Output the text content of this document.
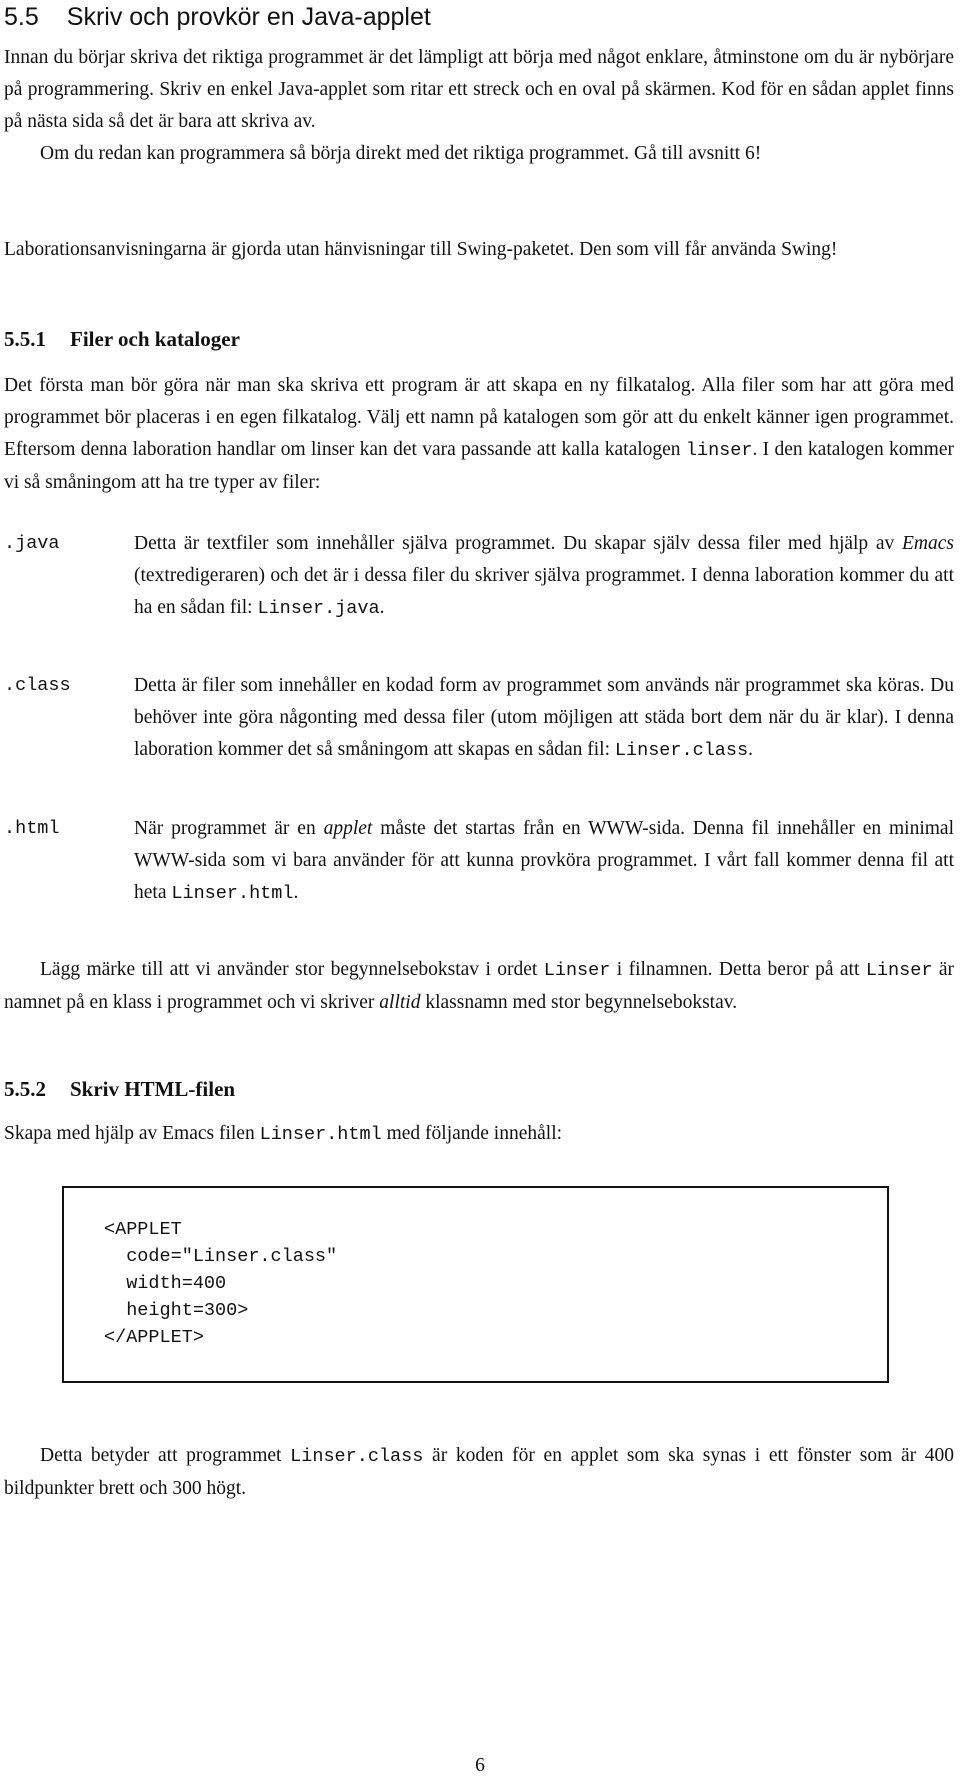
5.5 Skriv och provkör en Java-applet

Innan du börjar skriva det riktiga programmet är det lämpligt att börja med något enklare, åtminstone om du är nybörjare på programmering. Skriv en enkel Java-applet som ritar ett streck och en oval på skärmen. Kod för en sådan applet finns på nästa sida så det är bara att skriva av.

Om du redan kan programmera så börja direkt med det riktiga programmet. Gå till avsnitt 6!

Laborationsanvisningarna är gjorda utan hänvisningar till Swing-paketet. Den som vill får använda Swing!

5.5.1 Filer och kataloger

Det första man bör göra när man ska skriva ett program är att skapa en ny filkatalog. Alla filer som har att göra med programmet bör placeras i en egen filkatalog. Välj ett namn på katalogen som gör att du enkelt känner igen programmet. Eftersom denna laboration handlar om linser kan det vara passande att kalla katalogen linser. I den katalogen kommer vi så småningom att ha tre typer av filer:

.java	Detta är textfiler som innehåller själva programmet. Du skapar själv dessa filer med hjälp av Emacs (textredigeraren) och det är i dessa filer du skriver själva programmet. I denna laboration kommer du att ha en sådan fil: Linser.java.

.class	Detta är filer som innehåller en kodad form av programmet som används när programmet ska köras. Du behöver inte göra någonting med dessa filer (utom möjligen att städa bort dem när du är klar). I denna laboration kommer det så småningom att skapas en sådan fil: Linser.class.

.html	När programmet är en applet måste det startas från en WWW-sida. Denna fil innehåller en minimal WWW-sida som vi bara använder för att kunna provköra programmet. I vårt fall kommer denna fil att heta Linser.html.

Lägg märke till att vi använder stor begynnelsebokstav i ordet Linser i filnamnen. Detta beror på att Linser är namnet på en klass i programmet och vi skriver alltid klassnamn med stor begynnelsebokstav.

5.5.2 Skriv HTML-filen

Skapa med hjälp av Emacs filen Linser.html med följande innehåll:

<APPLET
code="Linser.class"
width=400
height=300>
</APPLET>

Detta betyder att programmet Linser.class är koden för en applet som ska synas i ett fönster som är 400 bildpunkter brett och 300 högt.

6
